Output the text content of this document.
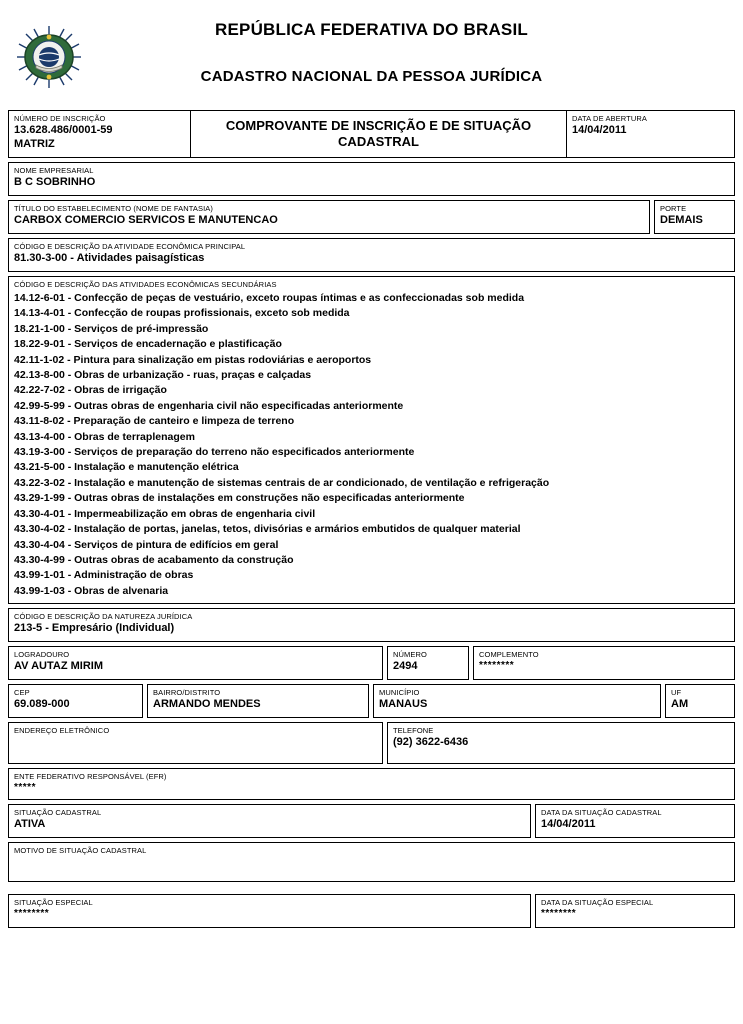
REPÚBLICA FEDERATIVA DO BRASIL
CADASTRO NACIONAL DA PESSOA JURÍDICA
NÚMERO DE INSCRIÇÃO
13.628.486/0001-59
MATRIZ
COMPROVANTE DE INSCRIÇÃO E DE SITUAÇÃO CADASTRAL
DATA DE ABERTURA
14/04/2011
NOME EMPRESARIAL
B C SOBRINHO
TÍTULO DO ESTABELECIMENTO (NOME DE FANTASIA)
CARBOX COMERCIO SERVICOS E MANUTENCAO
PORTE
DEMAIS
CÓDIGO E DESCRIÇÃO DA ATIVIDADE ECONÔMICA PRINCIPAL
81.30-3-00 - Atividades paisagísticas
CÓDIGO E DESCRIÇÃO DAS ATIVIDADES ECONÔMICAS SECUNDÁRIAS
14.12-6-01 - Confecção de peças de vestuário, exceto roupas íntimas e as confeccionadas sob medida
14.13-4-01 - Confecção de roupas profissionais, exceto sob medida
18.21-1-00 - Serviços de pré-impressão
18.22-9-01 - Serviços de encadernação e plastificação
42.11-1-02 - Pintura para sinalização em pistas rodoviárias e aeroportos
42.13-8-00 - Obras de urbanização - ruas, praças e calçadas
42.22-7-02 - Obras de irrigação
42.99-5-99 - Outras obras de engenharia civil não especificadas anteriormente
43.11-8-02 - Preparação de canteiro e limpeza de terreno
43.13-4-00 - Obras de terraplenagem
43.19-3-00 - Serviços de preparação do terreno não especificados anteriormente
43.21-5-00 - Instalação e manutenção elétrica
43.22-3-02 - Instalação e manutenção de sistemas centrais de ar condicionado, de ventilação e refrigeração
43.29-1-99 - Outras obras de instalações em construções não especificadas anteriormente
43.30-4-01 - Impermeabilização em obras de engenharia civil
43.30-4-02 - Instalação de portas, janelas, tetos, divisórias e armários embutidos de qualquer material
43.30-4-04 - Serviços de pintura de edifícios em geral
43.30-4-99 - Outras obras de acabamento da construção
43.99-1-01 - Administração de obras
43.99-1-03 - Obras de alvenaria
CÓDIGO E DESCRIÇÃO DA NATUREZA JURÍDICA
213-5 - Empresário (Individual)
LOGRADOURO
AV AUTAZ MIRIM
NÚMERO
2494
COMPLEMENTO
********
CEP
69.089-000
BAIRRO/DISTRITO
ARMANDO MENDES
MUNICÍPIO
MANAUS
UF
AM
ENDEREÇO ELETRÔNICO	TELEFONE
(92) 3622-6436
ENTE FEDERATIVO RESPONSÁVEL (EFR)
*****
SITUAÇÃO CADASTRAL
ATIVA
DATA DA SITUAÇÃO CADASTRAL
14/04/2011
MOTIVO DE SITUAÇÃO CADASTRAL
SITUAÇÃO ESPECIAL
********
DATA DA SITUAÇÃO ESPECIAL
********
